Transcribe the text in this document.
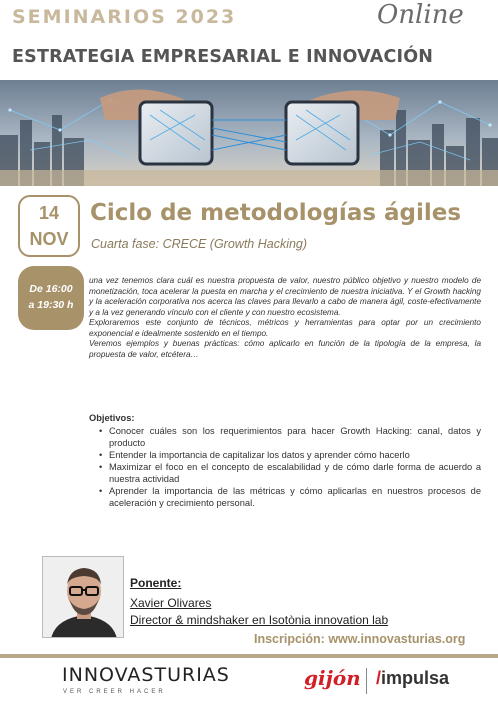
SEMINARIOS 2023	Online
ESTRATEGIA EMPRESARIAL E INNOVACIÓN
14
NOV
Ciclo de metodologías ágiles
Cuarta fase: CRECE (Growth Hacking)
De 16:00
a 19:30 h

una vez tenemos clara cuál es nuestra propuesta de valor, nuestro público objetivo y nuestro modelo de monetización, toca acelerar la puesta en marcha y el crecimiento de nuestra iniciativa. Y el Growth hacking y la aceleración corporativa nos acerca las claves para llevarlo a cabo de manera ágil, coste-efectivamente y a la vez generando vínculo con el cliente y con nuestro ecosistema.

Exploraremos este conjunto de técnicos, métricos y herramientas para optar por un crecimiento exponencial e idealmente sostenido en el tiempo.

Veremos ejemplos y buenas prácticas: cómo aplicarlo en función de la tipología de la empresa, la propuesta de valor, etcétera…

Objetivos:
• Conocer cuáles son los requerimientos para hacer Growth Hacking: canal, datos y producto
• Entender la importancia de capitalizar los datos y aprender cómo hacerlo
• Maximizar el foco en el concepto de escalabilidad y de cómo darle forma de acuerdo a nuestra actividad
• Aprender la importancia de las métricas y cómo aplicarlas en nuestros procesos de aceleración y crecimiento personal.
Ponente:
Xavier Olivares
Director & mindshaker en Isotònia innovation lab
Inscripción: www.innovasturias.org
INNOVASTURIAS
VER CREER HACER
gijón /impulsa
